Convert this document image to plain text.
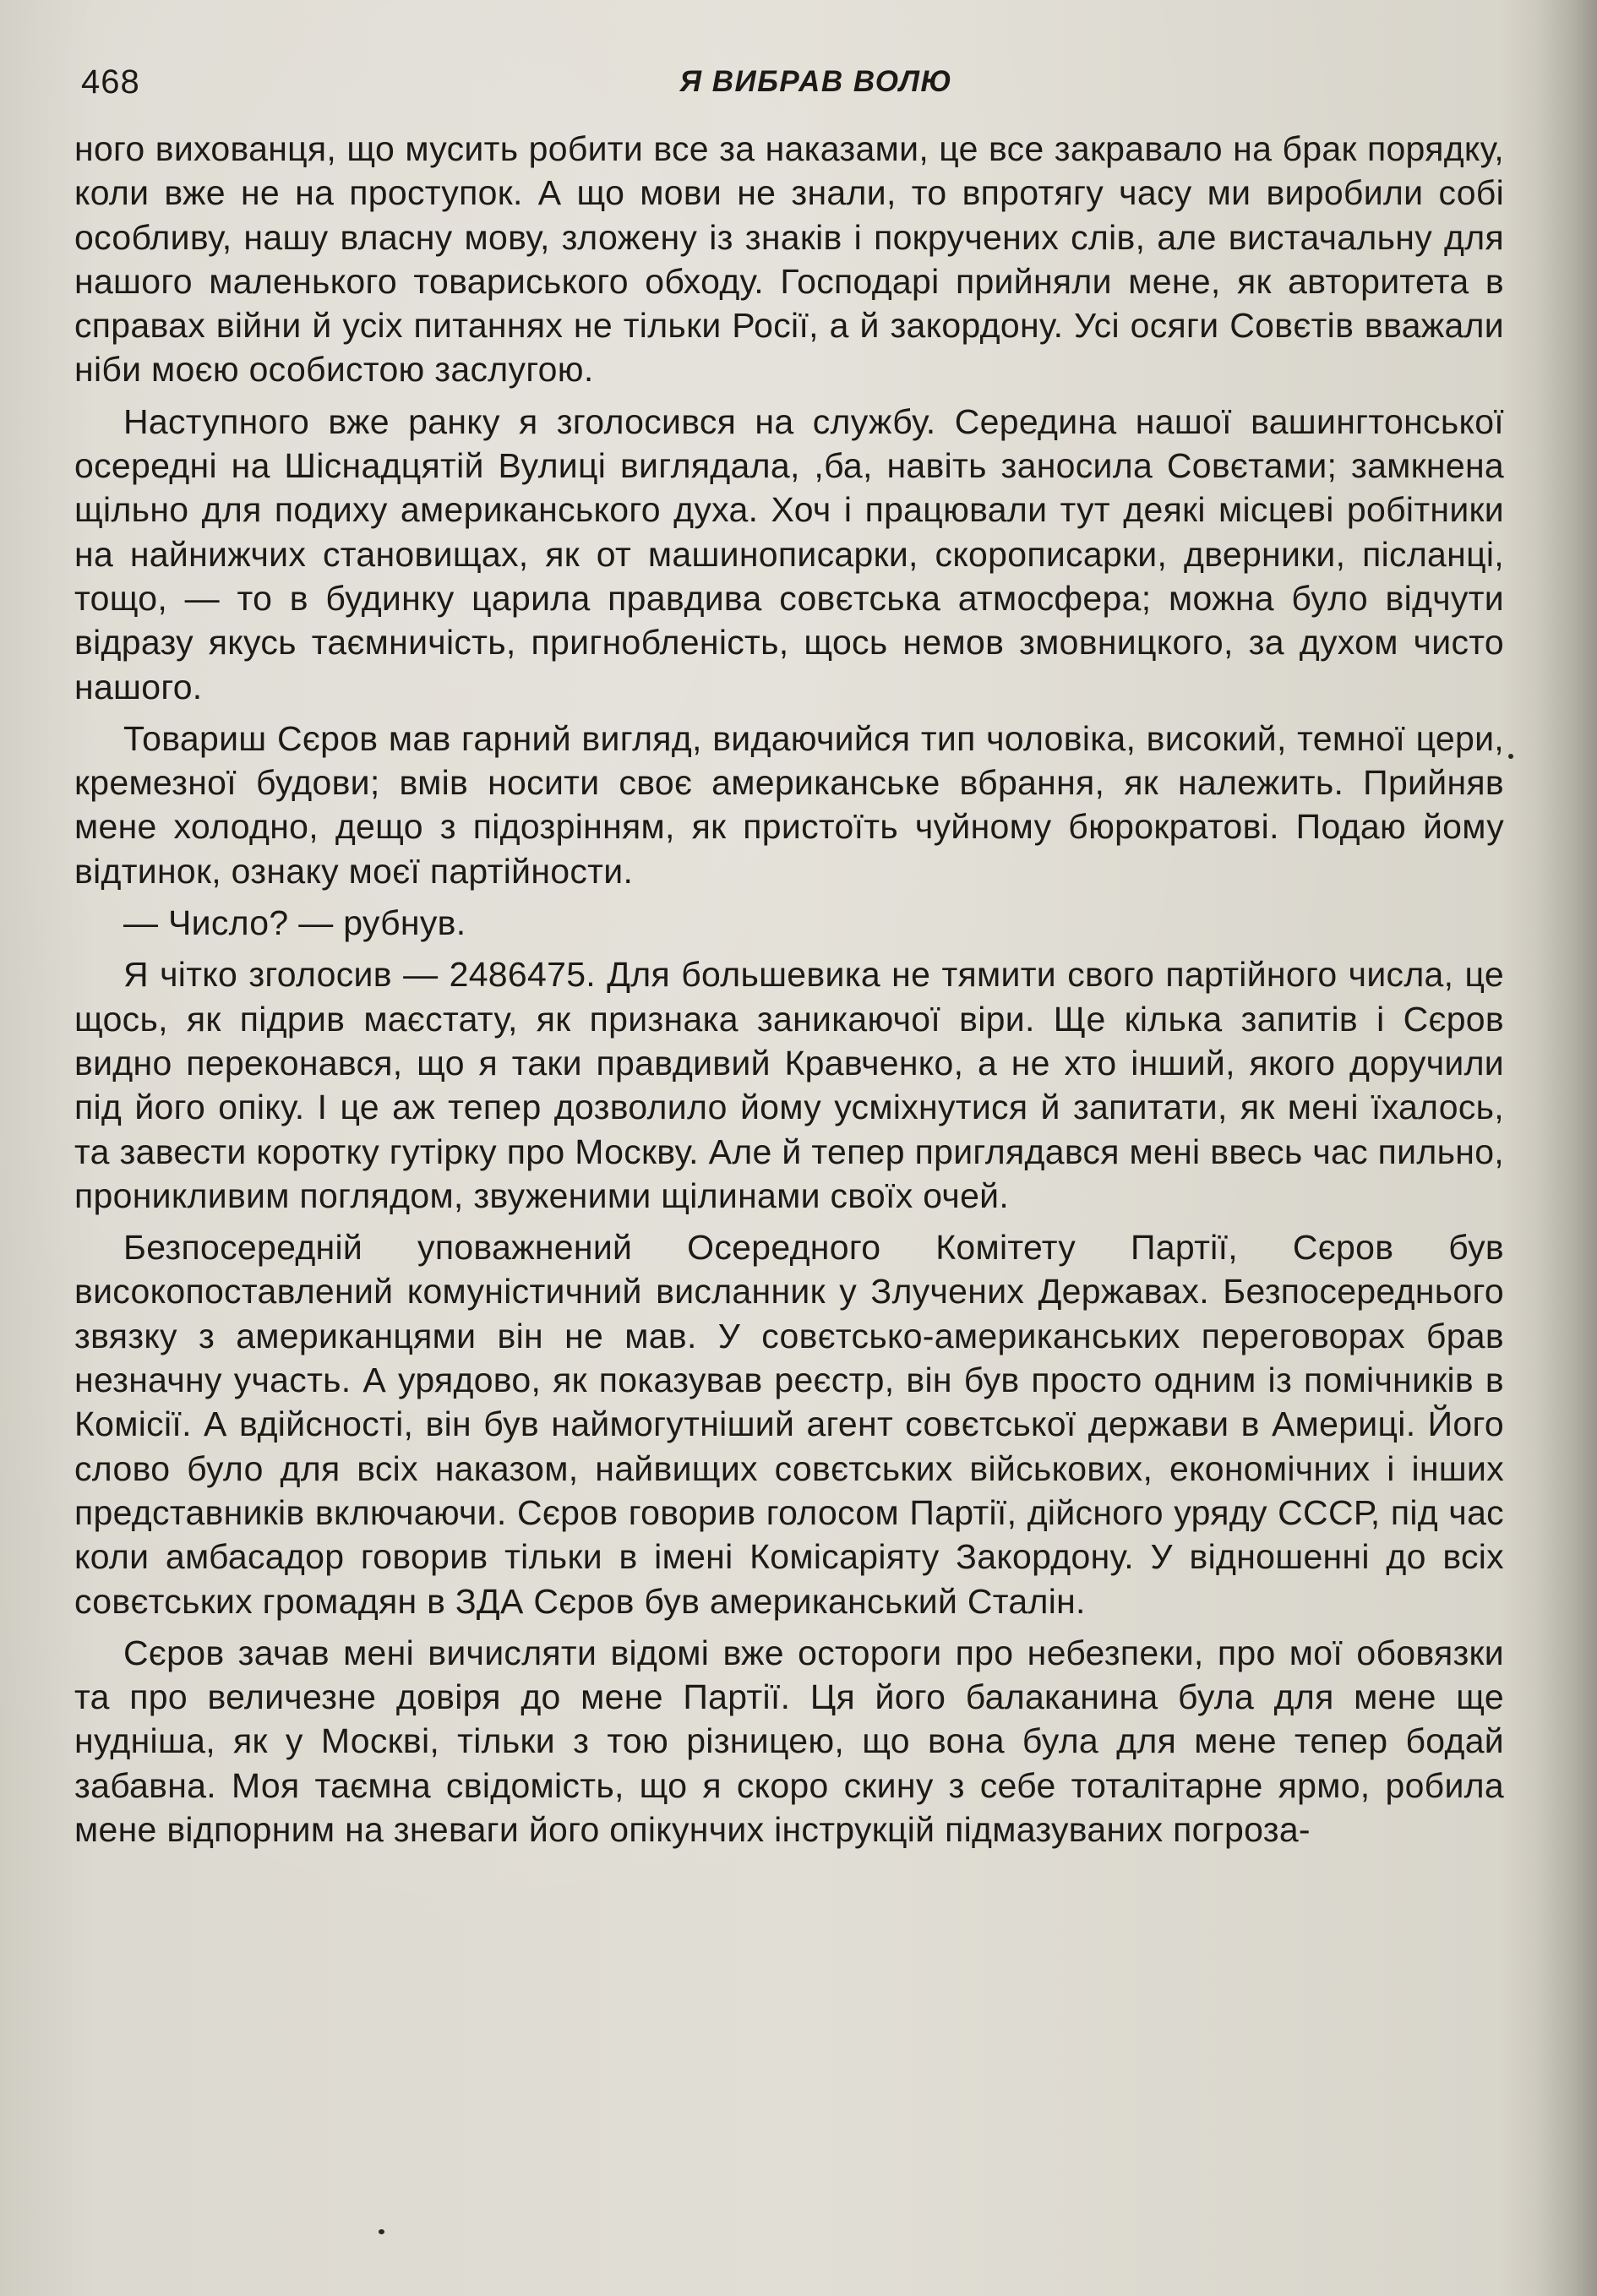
468	Я ВИБРАВ ВОЛЮ

ного вихованця, що мусить робити все за наказами, це все закравало на брак порядку, коли вже не на проступок. А що мови не знали, то впротягу часу ми виробили собі особливу, нашу власну мову, зложену із знаків і покручених слів, але вистачальну для нашого маленького товариського обходу. Господарі прийняли мене, як авторитета в справах війни й усіх питаннях не тільки Росії, а й закордону. Усі осяги Совєтів вважали ніби моєю особистою заслугою.

Наступного вже ранку я зголосився на службу. Середина нашої вашингтонської осередні на Шіснадцятій Вулиці виглядала, ,ба, навіть заносила Совєтами; замкнена щільно для подиху американського духа. Хоч і працювали тут деякі місцеві робітники на найнижчих становищах, як от машинописарки, скорописарки, дверники, післанці, тощо, — то в будинку царила правдива совєтська атмосфера; можна було відчути відразу якусь таємничість, пригнобленість, щось немов змовницкого, за духом чисто нашого.

Товариш Сєров мав гарний вигляд, видаючийся тип чоловіка, високий, темної цери, кремезної будови; вмів носити своє американське вбрання, як належить. Прийняв мене холодно, дещо з підозрінням, як пристоїть чуйному бюрократові. Подаю йому відтинок, ознаку моєї партійности.

— Число? — рубнув.

Я чітко зголосив — 2486475. Для большевика не тямити свого партійного числа, це щось, як підрив маєстату, як признака заникаючої віри. Ще кілька запитів і Сєров видно переконався, що я таки правдивий Кравченко, а не хто інший, якого доручили під його опіку. І це аж тепер дозволило йому усміхнутися й запитати, як мені їхалось, та завести коротку гутірку про Москву. Але й тепер приглядався мені ввесь час пильно, проникливим поглядом, звуженими щілинами своїх очей.

Безпосередній уповажнений Осередного Комітету Партії, Сєров був високопоставлений комуністичний висланник у Злучених Державах. Безпосереднього звязку з американцями він не мав. У совєтсько-американських переговорах брав незначну участь. А урядово, як показував реєстр, він був просто одним із помічників в Комісії. А вдійсності, він був наймогутніший агент совєтської держави в Америці. Його слово було для всіх наказом, найвищих совєтських військових, економічних і інших представників включаючи. Сєров говорив голосом Партії, дійсного уряду СССР, під час коли амбасадор говорив тільки в імені Комісаріяту Закордону. У відношенні до всіх совєтських громадян в ЗДА Сєров був американський Сталін.

Сєров зачав мені вичисляти відомі вже остороги про небезпеки, про мої обовязки та про величезне довіря до мене Партії. Ця його балаканина була для мене ще нудніша, як у Москві, тільки з тою різницею, що вона була для мене тепер бодай забавна. Моя таємна свідомість, що я скоро скину з себе тоталітарне ярмо, робила мене відпорним на зневаги його опікунчих інструкцій підмазуваних погроза-
